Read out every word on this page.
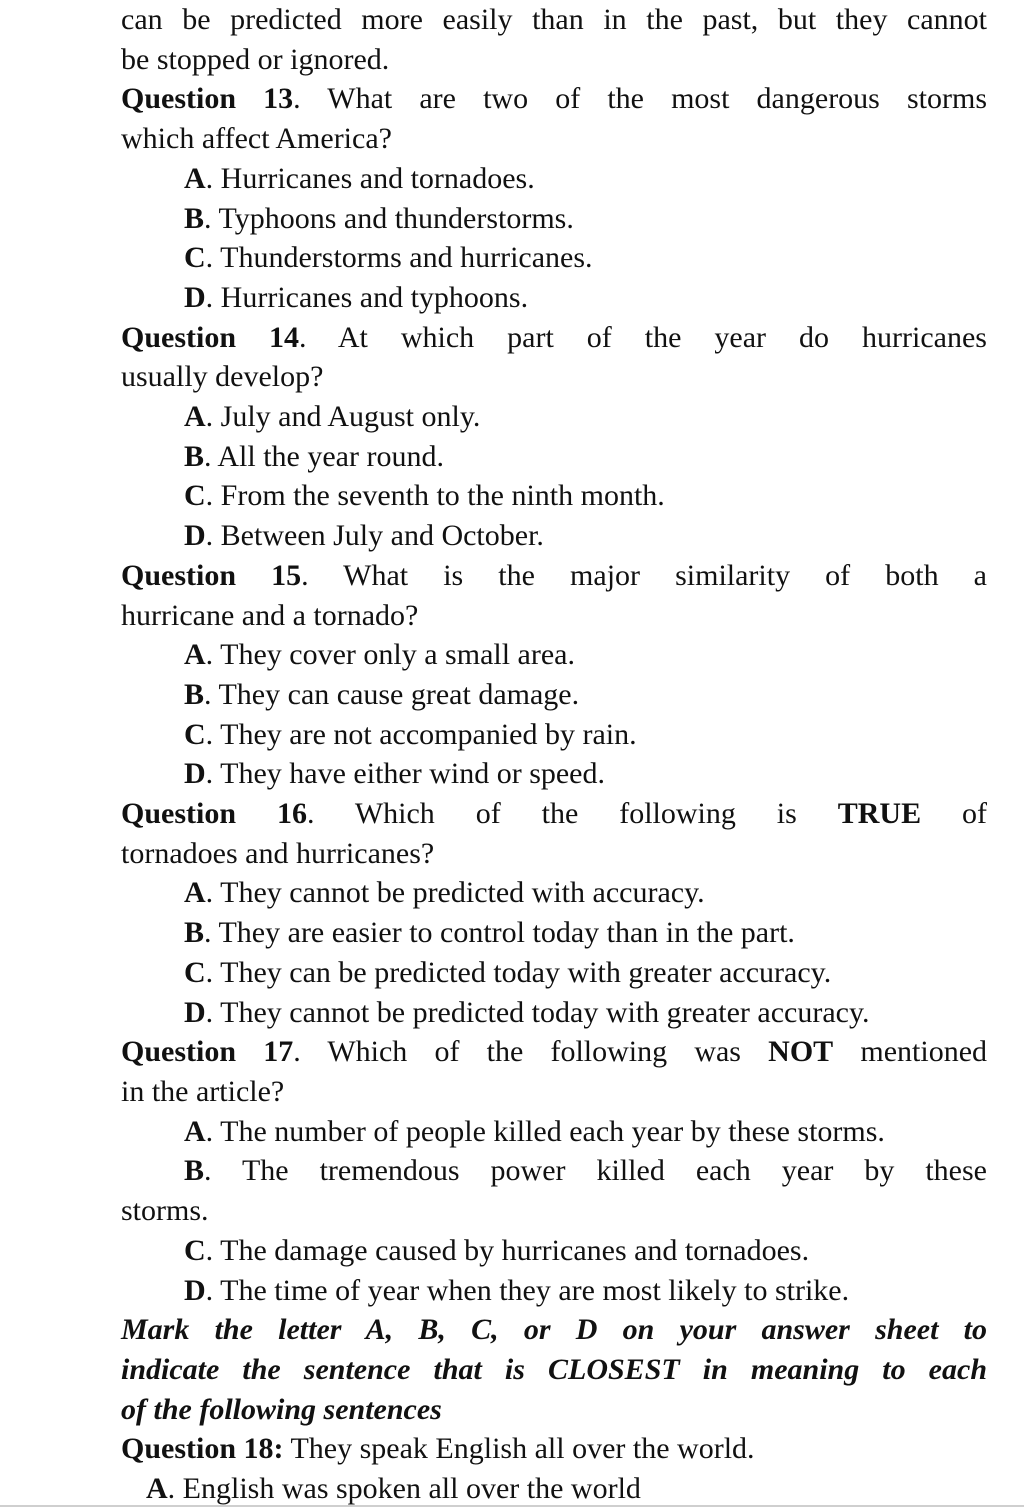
can be predicted more easily than in the past, but they cannot
be stopped or ignored.
Question 13. What are two of the most dangerous storms
which affect America?
A. Hurricanes and tornadoes.
B. Typhoons and thunderstorms.
C. Thunderstorms and hurricanes.
D. Hurricanes and typhoons.
Question 14. At which part of the year do hurricanes
usually develop?
A. July and August only.
B. All the year round.
C. From the seventh to the ninth month.
D. Between July and October.
Question 15. What is the major similarity of both a
hurricane and a tornado?
A. They cover only a small area.
B. They can cause great damage.
C. They are not accompanied by rain.
D. They have either wind or speed.
Question 16. Which of the following is TRUE of
tornadoes and hurricanes?
A. They cannot be predicted with accuracy.
B. They are easier to control today than in the part.
C. They can be predicted today with greater accuracy.
D. They cannot be predicted today with greater accuracy.
Question 17. Which of the following was NOT mentioned
in the article?
A. The number of people killed each year by these storms.
B. The tremendous power killed each year by these
storms.
C. The damage caused by hurricanes and tornadoes.
D. The time of year when they are most likely to strike.
Mark the letter A, B, C, or D on your answer sheet to
indicate the sentence that is CLOSEST in meaning to each
of the following sentences
Question 18: They speak English all over the world.
A. English was spoken all over the world
